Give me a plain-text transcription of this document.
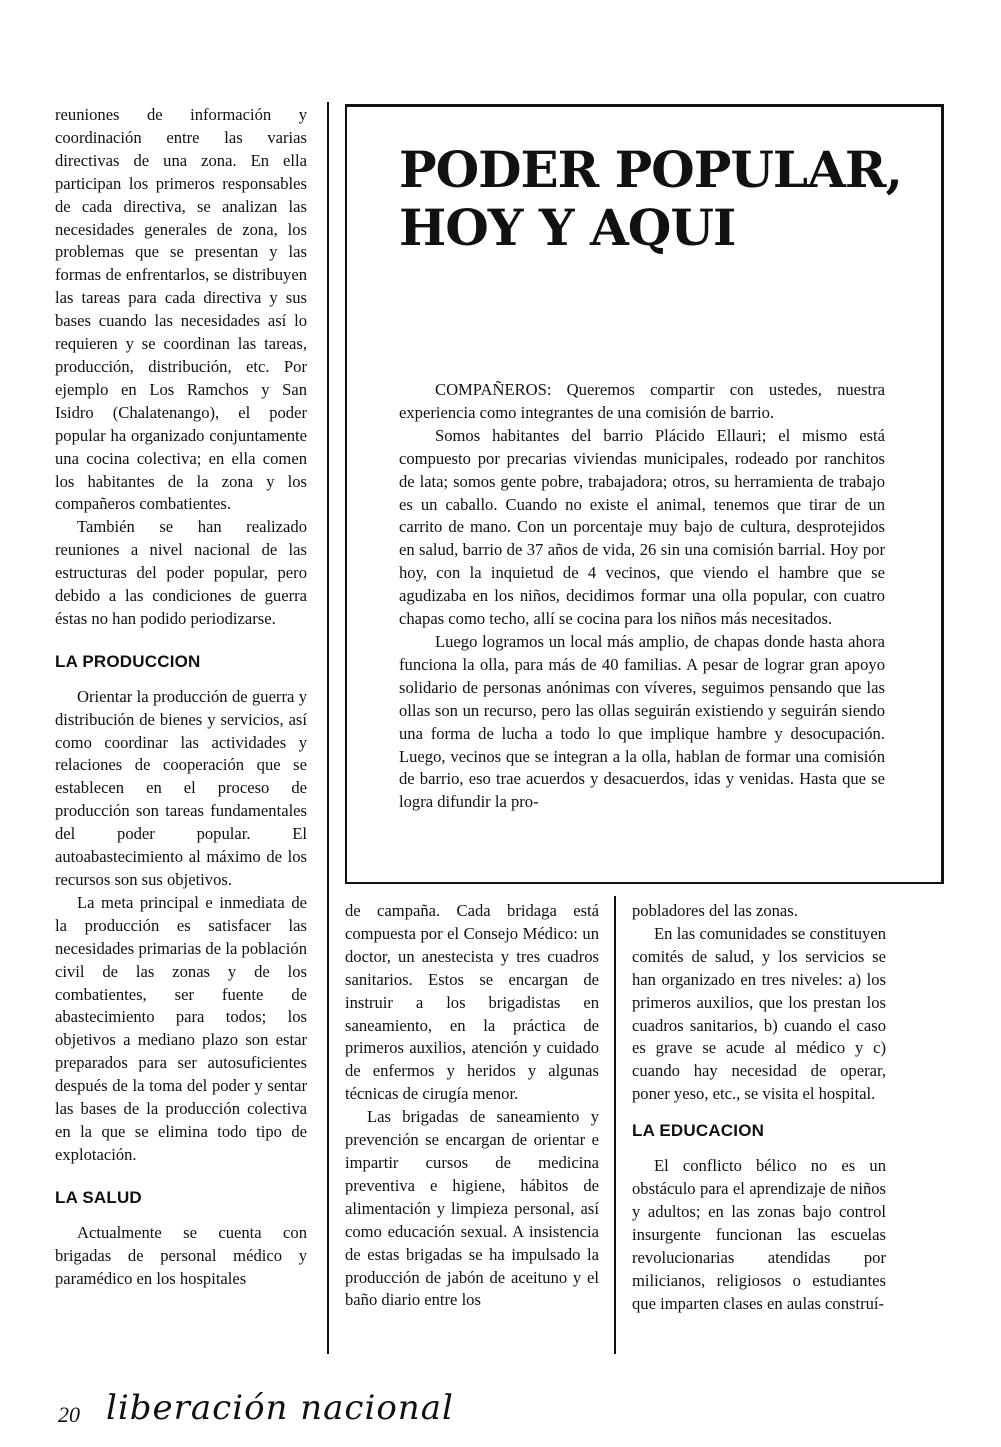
reuniones de información y coordinación entre las varias directivas de una zona. En ella participan los primeros responsables de cada directiva, se analizan las necesidades generales de zona, los problemas que se presentan y las formas de enfrentarlos, se distribuyen las tareas para cada directiva y sus bases cuando las necesidades así lo requieren y se coordinan las tareas, producción, distribución, etc. Por ejemplo en Los Ramchos y San Isidro (Chalatenango), el poder popular ha organizado conjuntamente una cocina colectiva; en ella comen los habitantes de la zona y los compañeros combatientes.

También se han realizado reuniones a nivel nacional de las estructuras del poder popular, pero debido a las condiciones de guerra éstas no han podido periodizarse.

LA PRODUCCION

Orientar la producción de guerra y distribución de bienes y servicios, así como coordinar las actividades y relaciones de cooperación que se establecen en el proceso de producción son tareas fundamentales del poder popular. El autoabastecimiento al máximo de los recursos son sus objetivos.

La meta principal e inmediata de la producción es satisfacer las necesidades primarias de la población civil de las zonas y de los combatientes, ser fuente de abastecimiento para todos; los objetivos a mediano plazo son estar preparados para ser autosuficientes después de la toma del poder y sentar las bases de la producción colectiva en la que se elimina todo tipo de explotación.

LA SALUD

Actualmente se cuenta con brigadas de personal médico y paramédico en los hospitales

PODER POPULAR,
HOY Y AQUI

COMPAÑEROS: Queremos compartir con ustedes, nuestra experiencia como integrantes de una comisión de barrio.

Somos habitantes del barrio Plácido Ellauri; el mismo está compuesto por precarias viviendas municipales, rodeado por ranchitos de lata; somos gente pobre, trabajadora; otros, su herramienta de trabajo es un caballo. Cuando no existe el animal, tenemos que tirar de un carrito de mano. Con un porcentaje muy bajo de cultura, desprotejidos en salud, barrio de 37 años de vida, 26 sin una comisión barrial. Hoy por hoy, con la inquietud de 4 vecinos, que viendo el hambre que se agudizaba en los niños, decidimos formar una olla popular, con cuatro chapas como techo, allí se cocina para los niños más necesitados.

Luego logramos un local más amplio, de chapas donde hasta ahora funciona la olla, para más de 40 familias. A pesar de lograr gran apoyo solidario de personas anónimas con víveres, seguimos pensando que las ollas son un recurso, pero las ollas seguirán existiendo y seguirán siendo una forma de lucha a todo lo que implique hambre y desocupación. Luego, vecinos que se integran a la olla, hablan de formar una comisión de barrio, eso trae acuerdos y desacuerdos, idas y venidas. Hasta que se logra difundir la pro-

de campaña. Cada bridaga está compuesta por el Consejo Médico: un doctor, un anestecista y tres cuadros sanitarios. Estos se encargan de instruir a los brigadistas en saneamiento, en la práctica de primeros auxilios, atención y cuidado de enfermos y heridos y algunas técnicas de cirugía menor.

Las brigadas de saneamiento y prevención se encargan de orientar e impartir cursos de medicina preventiva e higiene, hábitos de alimentación y limpieza personal, así como educación sexual. A insistencia de estas brigadas se ha impulsado la producción de jabón de aceituno y el baño diario entre los

pobladores del las zonas.

En las comunidades se constituyen comités de salud, y los servicios se han organizado en tres niveles: a) los primeros auxilios, que los prestan los cuadros sanitarios, b) cuando el caso es grave se acude al médico y c) cuando hay necesidad de operar, poner yeso, etc., se visita el hospital.

LA EDUCACION

El conflicto bélico no es un obstáculo para el aprendizaje de niños y adultos; en las zonas bajo control insurgente funcionan las escuelas revolucionarias atendidas por milicianos, religiosos o estudiantes que imparten clases en aulas construí-

20 liberación nacional
